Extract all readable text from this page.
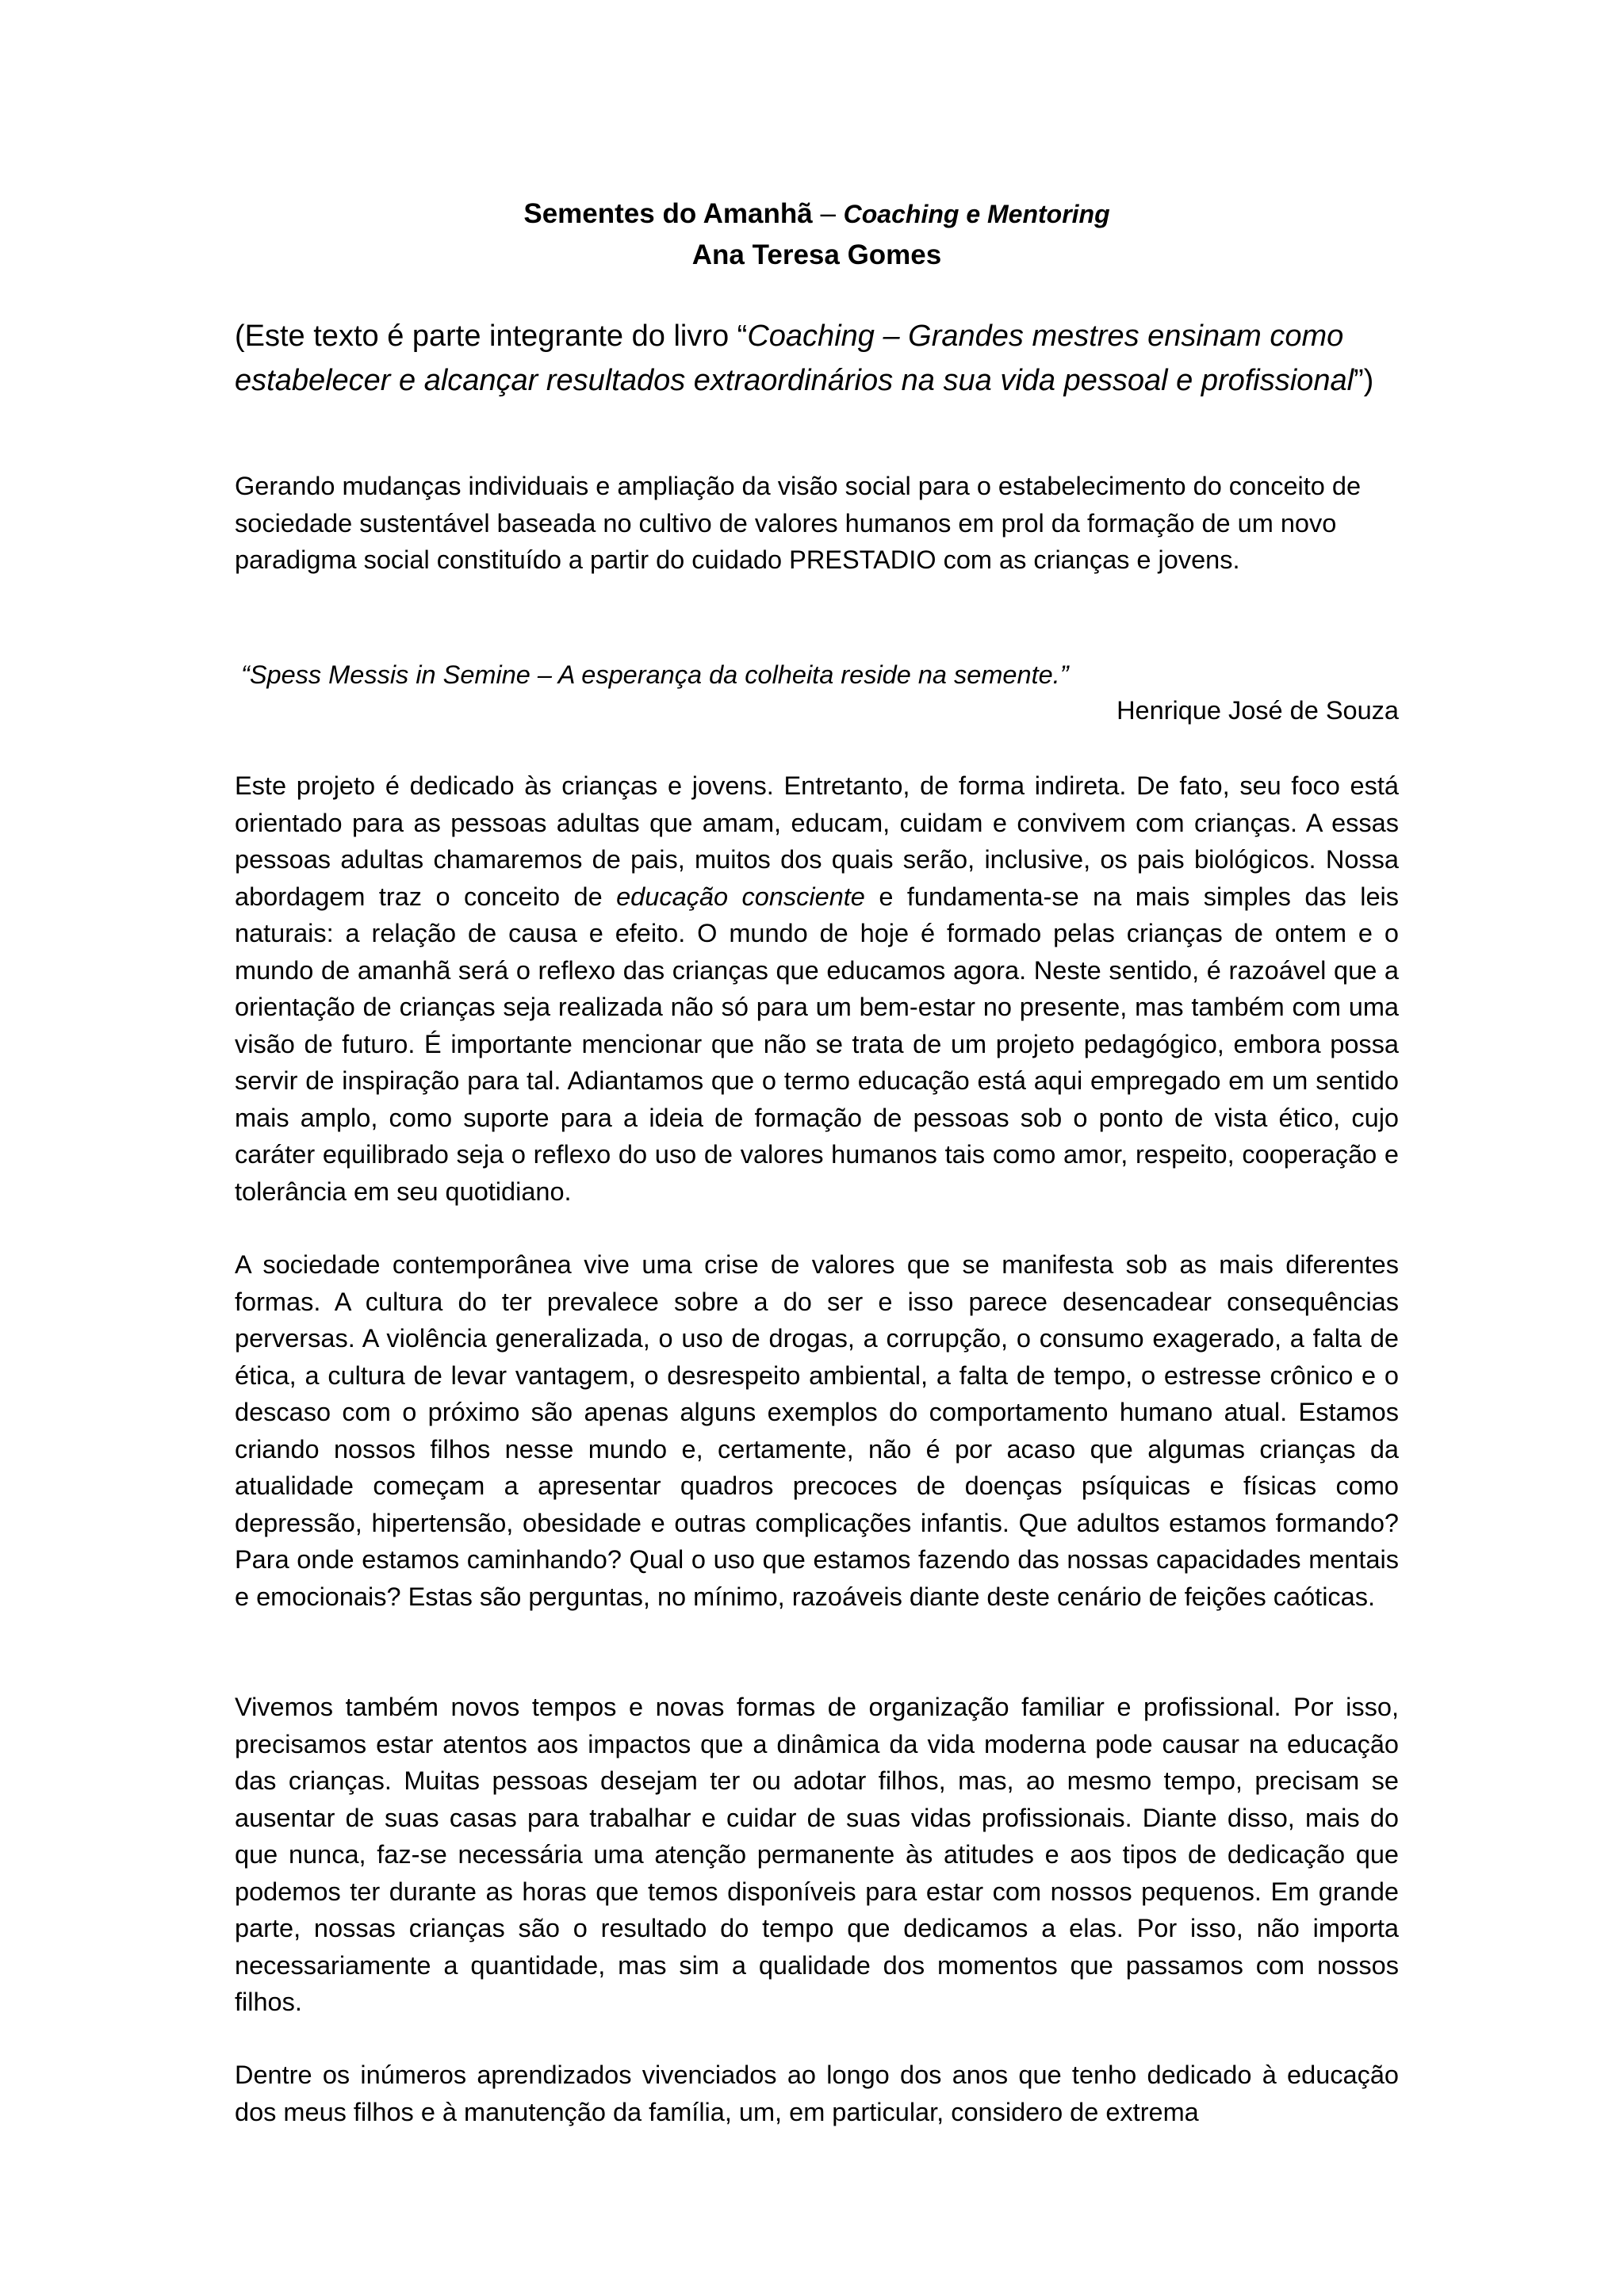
Sementes do Amanhã – Coaching e Mentoring
Ana Teresa Gomes
(Este texto é parte integrante do livro “Coaching – Grandes mestres ensinam como estabelecer e alcançar resultados extraordinários na sua vida pessoal e profissional”)
Gerando mudanças individuais e ampliação da visão social para o estabelecimento do conceito de sociedade sustentável baseada no cultivo de valores humanos em prol da formação de um novo paradigma social constituído a partir do cuidado PRESTADIO com as crianças e jovens.
“Spess Messis in Semine – A esperança da colheita reside na semente.”
Henrique José de Souza
Este projeto é dedicado às crianças e jovens. Entretanto, de forma indireta. De fato, seu foco está orientado para as pessoas adultas que amam, educam, cuidam e convivem com crianças. A essas pessoas adultas chamaremos de pais, muitos dos quais serão, inclusive, os pais biológicos. Nossa abordagem traz o conceito de educação consciente e fundamenta-se na mais simples das leis naturais: a relação de causa e efeito. O mundo de hoje é formado pelas crianças de ontem e o mundo de amanhã será o reflexo das crianças que educamos agora. Neste sentido, é razoável que a orientação de crianças seja realizada não só para um bem-estar no presente, mas também com uma visão de futuro. É importante mencionar que não se trata de um projeto pedagógico, embora possa servir de inspiração para tal. Adiantamos que o termo educação está aqui empregado em um sentido mais amplo, como suporte para a ideia de formação de pessoas sob o ponto de vista ético, cujo caráter equilibrado seja o reflexo do uso de valores humanos tais como amor, respeito, cooperação e tolerância em seu quotidiano.
A sociedade contemporânea vive uma crise de valores que se manifesta sob as mais diferentes formas. A cultura do ter prevalece sobre a do ser e isso parece desencadear consequências perversas. A violência generalizada, o uso de drogas, a corrupção, o consumo exagerado, a falta de ética, a cultura de levar vantagem, o desrespeito ambiental, a falta de tempo, o estresse crônico e o descaso com o próximo são apenas alguns exemplos do comportamento humano atual. Estamos criando nossos filhos nesse mundo e, certamente, não é por acaso que algumas crianças da atualidade começam a apresentar quadros precoces de doenças psíquicas e físicas como depressão, hipertensão, obesidade e outras complicações infantis. Que adultos estamos formando? Para onde estamos caminhando? Qual o uso que estamos fazendo das nossas capacidades mentais e emocionais? Estas são perguntas, no mínimo, razoáveis diante deste cenário de feições caóticas.
Vivemos também novos tempos e novas formas de organização familiar e profissional. Por isso, precisamos estar atentos aos impactos que a dinâmica da vida moderna pode causar na educação das crianças. Muitas pessoas desejam ter ou adotar filhos, mas, ao mesmo tempo, precisam se ausentar de suas casas para trabalhar e cuidar de suas vidas profissionais. Diante disso, mais do que nunca, faz-se necessária uma atenção permanente às atitudes e aos tipos de dedicação que podemos ter durante as horas que temos disponíveis para estar com nossos pequenos. Em grande parte, nossas crianças são o resultado do tempo que dedicamos a elas. Por isso, não importa necessariamente a quantidade, mas sim a qualidade dos momentos que passamos com nossos filhos.
Dentre os inúmeros aprendizados vivenciados ao longo dos anos que tenho dedicado à educação dos meus filhos e à manutenção da família, um, em particular, considero de extrema
